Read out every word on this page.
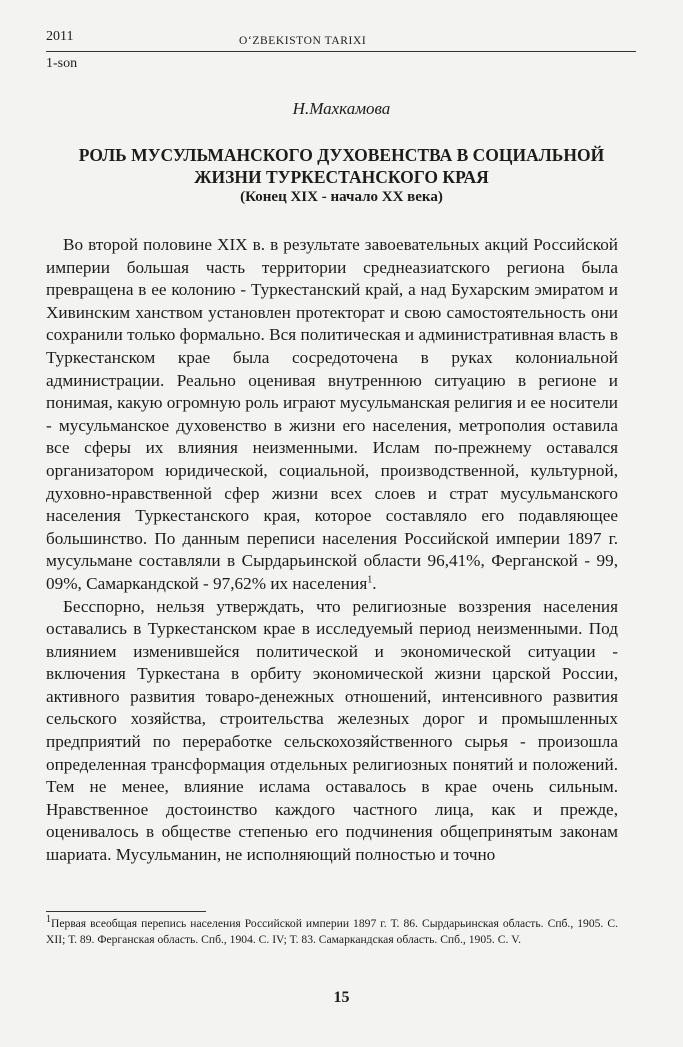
2011	O‘ZBEKISTON TARIXI
1-son
Н.Махкамова
РОЛЬ МУСУЛЬМАНСКОГО ДУХОВЕНСТВА В СОЦИАЛЬНОЙ ЖИЗНИ ТУРКЕСТАНСКОГО КРАЯ
(Конец XIX - начало XX века)

Во второй половине XIX в. в результате завоевательных акций Российской империи большая часть территории среднеазиатского региона была превращена в ее колонию - Туркестанский край, а над Бухарским эмиратом и Хивинским ханством установлен протекторат и свою самостоятельность они сохранили только формально. Вся политическая и административная власть в Туркестанском крае была сосредоточена в руках колониальной администрации. Реально оценивая внутреннюю ситуацию в регионе и понимая, какую огромную роль играют мусульманская религия и ее носители - мусульманское духовенство в жизни его населения, метрополия оставила все сферы их влияния неизменными. Ислам по-прежнему оставался организатором юридической, социальной, производственной, культурной, духовно-нравственной сфер жизни всех слоев и страт мусульманского населения Туркестанского края, которое составляло его подавляющее большинство. По данным переписи населения Российской империи 1897 г. мусульмане составляли в Сырдарьинской области 96,41%, Ферганской - 99, 09%, Самаркандской - 97,62% их населения$^1$.

Бесспорно, нельзя утверждать, что религиозные воззрения населения оставались в Туркестанском крае в исследуемый период неизменными. Под влиянием изменившейся политической и экономической ситуации - включения Туркестана в орбиту экономической жизни царской России, активного развития товаро-денежных отношений, интенсивного развития сельского хозяйства, строительства железных дорог и промышленных предприятий по переработке сельскохозяйственного сырья - произошла определенная трансформация отдельных религиозных понятий и положений. Тем не менее, влияние ислама оставалось в крае очень сильным. Нравственное достоинство каждого частного лица, как и прежде, оценивалось в обществе степенью его подчинения общепринятым законам шариата. Мусульманин, не исполняющий полностью и точно

$^1$Первая всеобщая перепись населения Российской империи 1897 г. Т. 86. Сырдарьинская область. Спб., 1905. С. XII; Т. 89. Ферганская область. Спб., 1904. С. IV; Т. 83. Самаркандская область. Спб., 1905. С. V.

15
